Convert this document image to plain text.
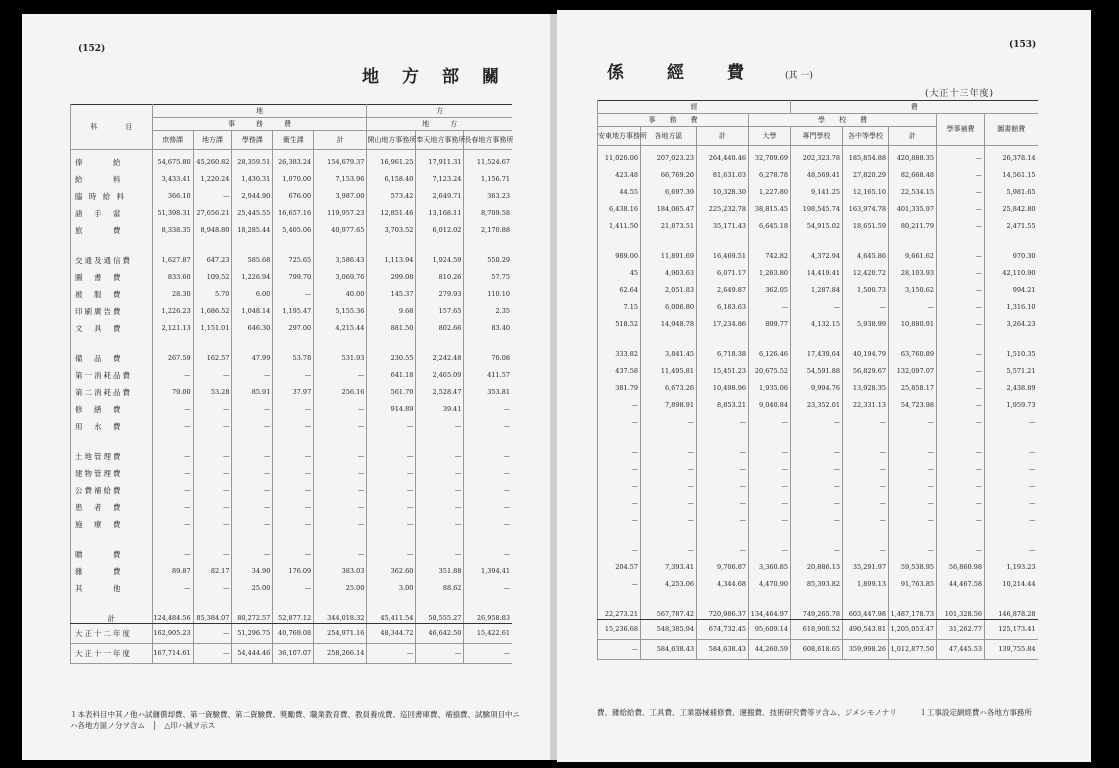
(152)
地　方　部　關
科　　　　目	地					方		
	事　　　務　　　費					地　　　方		
	庶務課	地方課	學務課	衛生課	計	開山地方事務所	奉天地方事務所	長春地方事務所
俸　　　給	54,675.80	45,260.82	28,359.51	26,383.24	154,679.37	16,961.25	17,911.31	11,524.67
給　　　料	3,433.41	1,220.24	1,430.31	1,070.00	7,153.96	6,158.40	7,123.24	1,156.71
臨 時 給 料	366.10	—	2,944.90	676.00	3,987.00	573.42	2,649.71	363.23
諸　手　當	51,398.31	27,656.21	25,445.55	16,657.16	119,957.23	12,851.46	13,168.11	8,709.58
旅　　　費	8,338.35	8,948.80	18,285.44	5,405.06	40,977.65	3,703.52	6,012.02	2,170.88

交通及通信費	1,627.87	647.23	585.68	725.65	3,586.43	1,113.94	1,924.59	550.29
圖　書　費	833.60	109.52	1,226.94	799.70	3,069.76	299.08	810.26	57.75
被　服　費	28.30	5.70	6.00	—	40.00	145.37	279.93	110.10
印刷廣告費	1,226.23	1,686.52	1,048.14	1,195.47	5,155.36	9.68	157.65	2.35
文　具　費	2,121.13	1,151.01	646.30	297.00	4,215.44	881.50	802.66	83.40

備　品　費	267.59	162.57	47.99	53.78	531.93	230.55	2,242.48	70.08
第一消耗品費	—	—	—	—	—	641.18	2,465.09	411.57
第二消耗品費	79.00	53.28	85.91	37.97	256.16	561.70	2,528.47	353.81
修　繕　費	—	—	—	—	—	914.89	39.41	—
用　水　費	—	—	—	—	—	—	—	—

土地管理費	—	—	—	—	—	—	—	—
建物管理費	—	—	—	—	—	—	—	—
公費補給費	—	—	—	—	—	—	—	—
患　者　費	—	—	—	—	—	—	—	—
施　療　費	—	—	—	—	—	—	—	—

贈　　　費	—	—	—	—	—	—	—	—
雜　　　費	89.87	82.17	34.90	176.09	383.03	362.60	351.88	1,394.41
其　　　他	—	—	25.00	—	25.00	3.00	88.62	—
計	124,484.56	85,384.07	80,272.57	52,877.12	344,018.32	45,411.54	58,555.27	26,958.83
大正十二年度	162,905.23	—	51,296.75	40,769.08	254,971.16	48,344.72	46,642.50	15,422.61
大正十一年度	167,714.61	—	54,444.46	36,107.07	258,266.14	—	—	—
１本表科目中其ノ他ハ試傭償却費、第一資驗費、第二資驗費、獎勵費、職業教育費、教員養成費、巡回書庫費、補損費、試驗項目中ニハ各地方區ノ分ヲ含ム　│　△印ハ減ヲ示ス
(153)
係　　經　　費	(其 一)
(大正十三年度)
經				費				
事　　務　　費			學　　校　　費				學事補費	圖書館費
安東地方事務所	各地方區	計	大學	專門學校	各中等學校	計		
11,020.00	207,023.23	264,440.46	32,709.69	202,323.78	185,854.88	420,888.35	—	26,378.14
423.48	66,769.20	81,631.03	6,278.78	48,569.41	27,820.29	82,668.48	—	14,561.15
44.55	6,697.39	10,328.30	1,227.80	9,141.25	12,165.10	22,534.15	—	5,981.65
6,438.16	184,065.47	225,232.78	38,815.45	198,545.74	163,974.78	401,335.97	—	25,842.80
1,411.50	21,873.51	35,171.43	6,645.18	54,915.02	18,651.59	80,211.79	—	2,471.55

989.00	11,891.69	16,469.51	742.82	4,372.94	4,645.86	9,661.62	—	970.30
45	4,903.63	6,071.17	1,263.80	14,419.41	12,420.72	28,103.93	—	42,110.90
62.64	2,051.83	2,649.87	362.05	1,287.84	1,500.73	3,150.62	—	994.21
7.15	6,006.80	6,183.63	—	—	—	—	—	1,316.10
518.52	14,948.78	17,234.86	809.77	4,132.15	5,938.99	10,880.91	—	3,264.23

333.82	3,841.45	6,718.38	6,126.46	17,439.64	40,194.79	63,760.89	—	1,510.35
437.58	11,495.81	15,451.23	20,675.52	54,591.88	56,829.67	132,097.07	—	5,571.21
381.79	6,673.26	10,498.96	1,935.06	9,994.76	13,928.35	25,858.17	—	2,438.89
—	7,898.91	8,853.21	9,040.84	23,352.01	22,331.13	54,723.98	—	1,959.73
—	—	—	—	—	—	—	—	—

—	—	—	—	—	—	—	—	—
—	—	—	—	—	—	—	—	—
—	—	—	—	—	—	—	—	—
—	—	—	—	—	—	—	—	—
—	—	—	—	—	—	—	—	—

—	—	—	—	—	—	—	—	—
204.57	7,393.41	9,706.87	3,360.85	20,886.13	35,291.97	59,538.95	56,860.98	1,193.23
—	4,253.06	4,344.68	4,470.90	85,393.82	1,899.13	91,763.85	44,467.58	10,214.44
22,273.21	567,787.42	720,986.37	134,464.97	749,265.78	603,447.98	1,487,178.73	101,328.56	146,878.28
15,236.68	548,385.94	674,732.45	95,609.14	618,900.52	490,543.81	1,205,053.47	31,262.77	125,173.41
—	584,638.43	584,638.43	44,260.59	608,618.65	359,998.26	1,012,877.50	47,445.53	139,755.84
費、雜給給費、工具費、工業器械補修費、運搬費、技術研究費等ヲ含ム、ジメシモノナリ　　　１工事設定網經費ハ各地方事務所
